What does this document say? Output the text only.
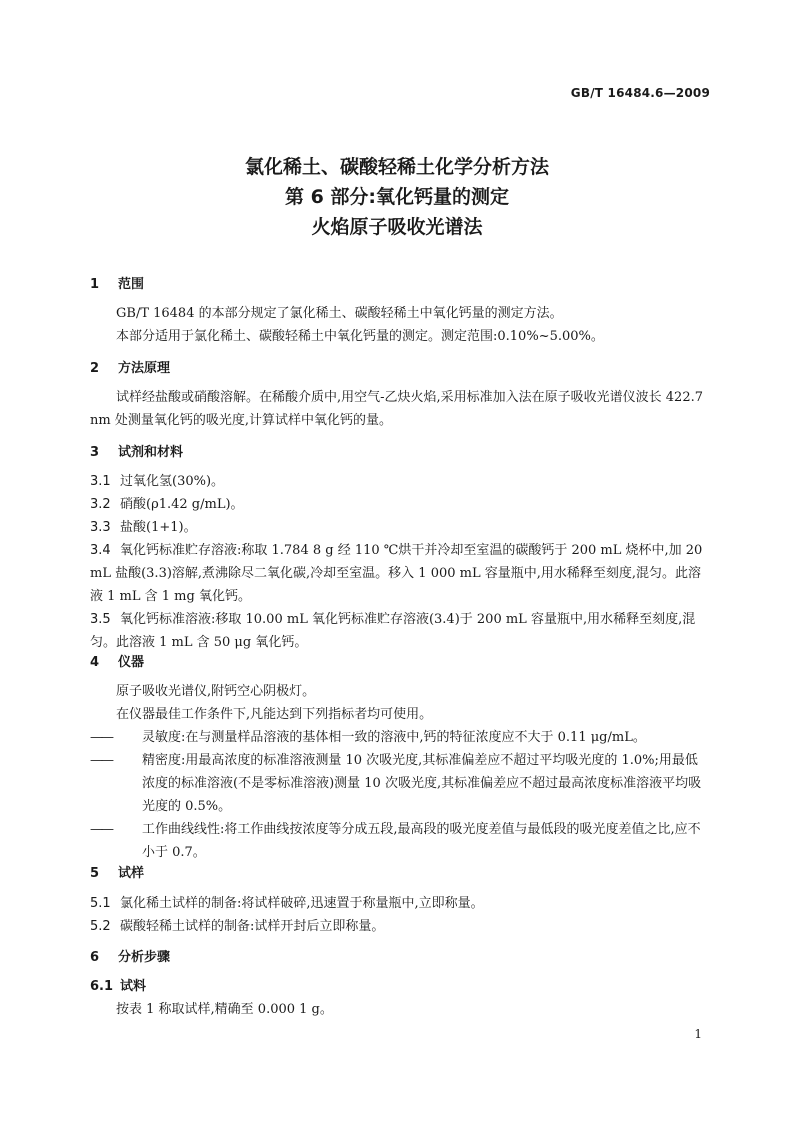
GB/T 16484.6—2009
氯化稀土、碳酸轻稀土化学分析方法
第 6 部分:氧化钙量的测定
火焰原子吸收光谱法
1 范围
GB/T 16484 的本部分规定了氯化稀土、碳酸轻稀土中氧化钙量的测定方法。
本部分适用于氯化稀土、碳酸轻稀土中氧化钙量的测定。测定范围:0.10%~5.00%。
2 方法原理
试样经盐酸或硝酸溶解。在稀酸介质中,用空气-乙炔火焰,采用标准加入法在原子吸收光谱仪波长 422.7 nm 处测量氧化钙的吸光度,计算试样中氧化钙的量。
3 试剂和材料
3.1 过氧化氢(30%)。
3.2 硝酸(ρ1.42 g/mL)。
3.3 盐酸(1+1)。
3.4 氧化钙标准贮存溶液:称取 1.784 8 g 经 110 ℃烘干并冷却至室温的碳酸钙于 200 mL 烧杯中,加 20 mL 盐酸(3.3)溶解,煮沸除尽二氧化碳,冷却至室温。移入 1 000 mL 容量瓶中,用水稀释至刻度,混匀。此溶液 1 mL 含 1 mg 氧化钙。
3.5 氧化钙标准溶液:移取 10.00 mL 氧化钙标准贮存溶液(3.4)于 200 mL 容量瓶中,用水稀释至刻度,混匀。此溶液 1 mL 含 50 μg 氧化钙。
4 仪器
原子吸收光谱仪,附钙空心阴极灯。
在仪器最佳工作条件下,凡能达到下列指标者均可使用。
—— 灵敏度:在与测量样品溶液的基体相一致的溶液中,钙的特征浓度应不大于 0.11 μg/mL。
—— 精密度:用最高浓度的标准溶液测量 10 次吸光度,其标准偏差应不超过平均吸光度的 1.0%;用最低浓度的标准溶液(不是零标准溶液)测量 10 次吸光度,其标准偏差应不超过最高浓度标准溶液平均吸光度的 0.5%。
—— 工作曲线线性:将工作曲线按浓度等分成五段,最高段的吸光度差值与最低段的吸光度差值之比,应不小于 0.7。
5 试样
5.1 氯化稀土试样的制备:将试样破碎,迅速置于称量瓶中,立即称量。
5.2 碳酸轻稀土试样的制备:试样开封后立即称量。
6 分析步骤
6.1 试料
按表 1 称取试样,精确至 0.000 1 g。
1
